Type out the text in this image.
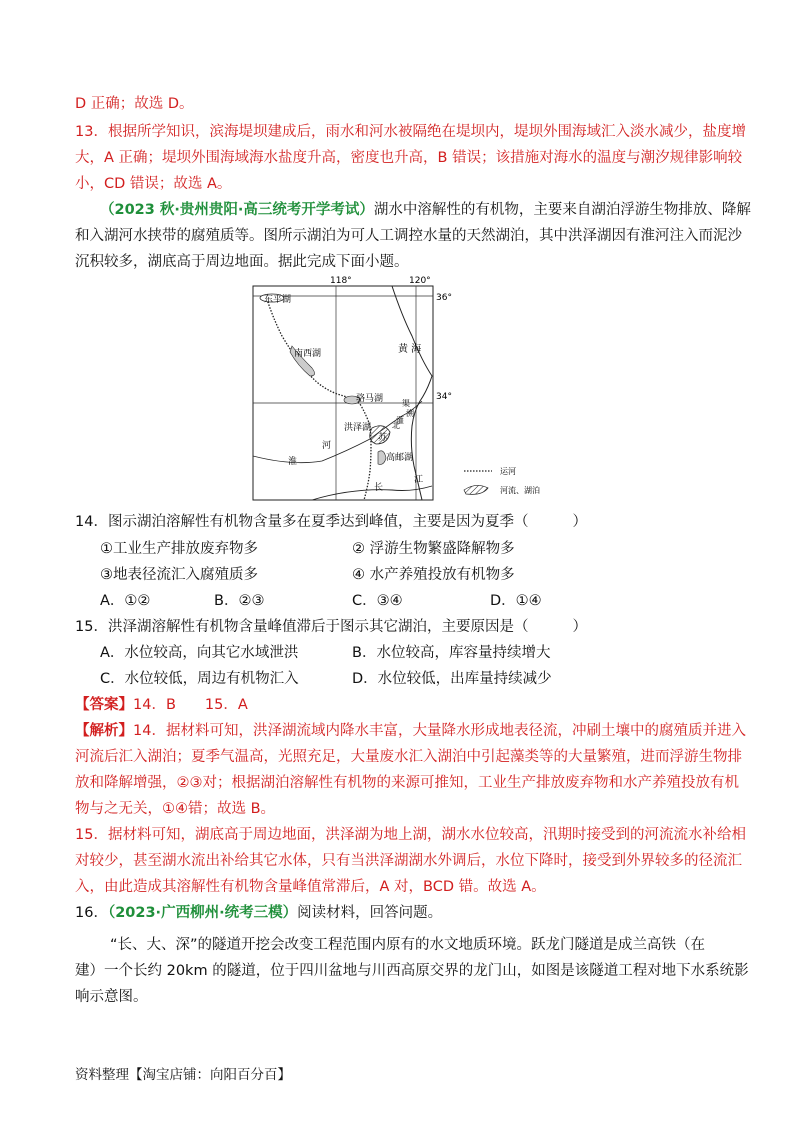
D 正确；故选 D。
13．根据所学知识，滨海堤坝建成后，雨水和河水被隔绝在堤坝内，堤坝外围海域汇入淡水减少，盐度增
大，A 正确；堤坝外围海域海水盐度升高，密度也升高，B 错误；该措施对海水的温度与潮汐规律影响较
小，CD 错误；故选 A。
（2023 秋·贵州贵阳·高三统考开学考试）湖水中溶解性的有机物，主要来自湖泊浮游生物排放、降解
和入湖河水挟带的腐殖质等。图所示湖泊为可人工调控水量的天然湖泊，其中洪泽湖因有淮河注入而泥沙
沉积较多，湖底高于周边地面。据此完成下面小题。
118°	120°
36°
34°
东平湖
南西湖	黄 海
骆马湖
洪泽湖
高邮湖
苏
北
灌
渠
溯
河
淮
长
江
运河
河流、湖泊
14．图示湖泊溶解性有机物含量多在夏季达到峰值，主要是因为夏季（	）
①工业生产排放废弃物多	② 浮游生物繁盛降解物多
③地表径流汇入腐殖质多	④ 水产养殖投放有机物多
A．①②	B．②③	C．③④	D．①④
15．洪泽湖溶解性有机物含量峰值滞后于图示其它湖泊，主要原因是（	）
A．水位较高，向其它水域泄洪	B．水位较高，库容量持续增大
C．水位较低，周边有机物汇入	D．水位较低，出库量持续减少
【答案】14．B　　15．A
【解析】14．据材料可知，洪泽湖流域内降水丰富，大量降水形成地表径流，冲刷土壤中的腐殖质并进入
河流后汇入湖泊；夏季气温高，光照充足，大量废水汇入湖泊中引起藻类等的大量繁殖，进而浮游生物排
放和降解增强，②③对；根据湖泊溶解性有机物的来源可推知，工业生产排放废弃物和水产养殖投放有机
物与之无关，①④错；故选 B。
15．据材料可知，湖底高于周边地面，洪泽湖为地上湖，湖水水位较高，汛期时接受到的河流流水补给相
对较少，甚至湖水流出补给其它水体，只有当洪泽湖湖水外调后，水位下降时，接受到外界较多的径流汇
入，由此造成其溶解性有机物含量峰值常滞后，A 对，BCD 错。故选 A。
16．（2023·广西柳州·统考三模）阅读材料，回答问题。
“长、大、深”的隧道开挖会改变工程范围内原有的水文地质环境。跃龙门隧道是成兰高铁（在
建）一个长约 20km 的隧道，位于四川盆地与川西高原交界的龙门山，如图是该隧道工程对地下水系统影
响示意图。
资料整理【淘宝店铺：向阳百分百】
